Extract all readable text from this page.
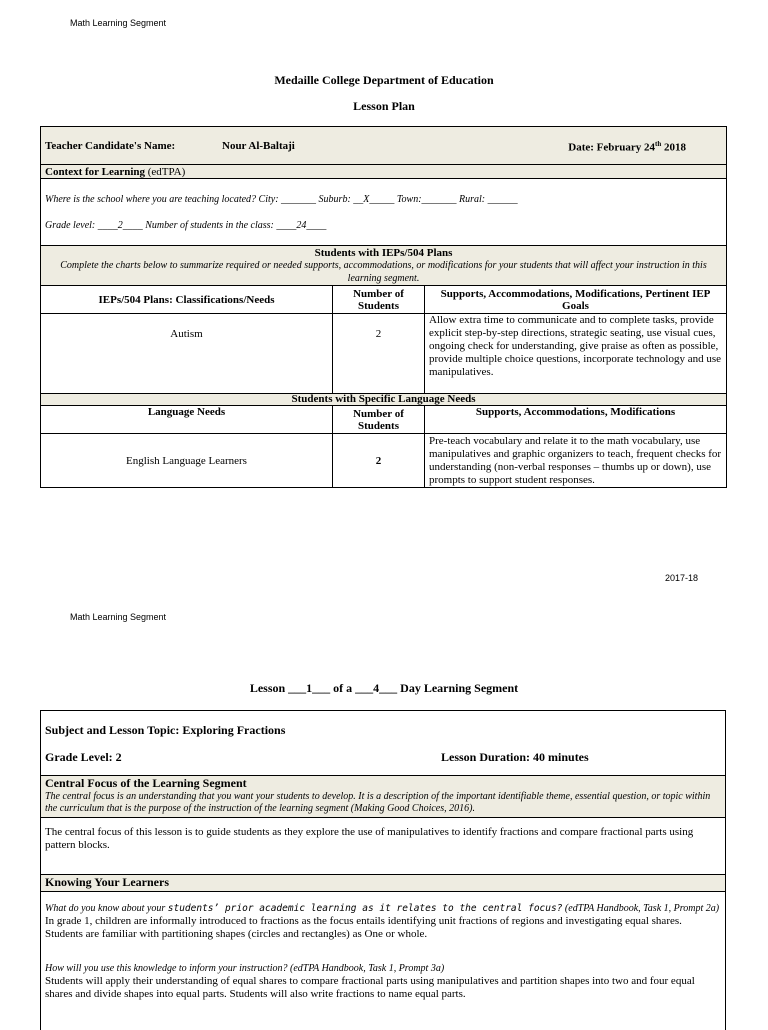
Math Learning Segment
Medaille College Department of Education
Lesson Plan
Teacher Candidate's Name: Nour Al-Baltaji Date: February 24th 2018		

Context for Learning (edTPA)		

Where is the school where you are teaching located? City: _______ Suburb: __X_____ Town:_______ Rural: ______
Grade level: ____2____ Number of students in the class: ____24____		

Students with IEPs/504 Plans
Complete the charts below to summarize required or needed supports, accommodations, or modifications for your students that will affect your instruction in this learning segment.		

IEPs/504 Plans: Classifications/Needs	Number of Students	Supports, Accommodations, Modifications, Pertinent IEP Goals
Autism	2	Allow extra time to communicate and to complete tasks, provide explicit step-by-step directions, strategic seating, use visual cues, ongoing check for understanding, give praise as often as possible, provide multiple choice questions, incorporate technology and use manipulatives.
Students with Specific Language Needs		
Language Needs	Number of Students	Supports, Accommodations, Modifications
English Language Learners	2	Pre-teach vocabulary and relate it to the math vocabulary, use manipulatives and graphic organizers to teach, frequent checks for understanding (non-verbal responses – thumbs up or down), use prompts to support student responses.
2017-18
Math Learning Segment
Lesson ___1___ of a ___4___ Day Learning Segment
Subject and Lesson Topic: Exploring Fractions
Grade Level: 2	Lesson Duration: 40 minutes
Central Focus of the Learning Segment
The central focus is an understanding that you want your students to develop. It is a description of the important identifiable theme, essential question, or topic within the curriculum that is the purpose of the instruction of the learning segment (Making Good Choices, 2016).
The central focus of this lesson is to guide students as they explore the use of manipulatives to identify fractions and compare fractional parts using pattern blocks.
Knowing Your Learners
What do you know about your students’ prior academic learning as it relates to the central focus? (edTPA Handbook, Task 1, Prompt 2a)
In grade 1, children are informally introduced to fractions as the focus entails identifying unit fractions of regions and investigating equal shares. Students are familiar with partitioning shapes (circles and rectangles) as One or whole.
How will you use this knowledge to inform your instruction? (edTPA Handbook, Task 1, Prompt 3a)
Students will apply their understanding of equal shares to compare fractional parts using manipulatives and partition shapes into two and four equal shares and divide shapes into equal parts. Students will also write fractions to name equal parts.
